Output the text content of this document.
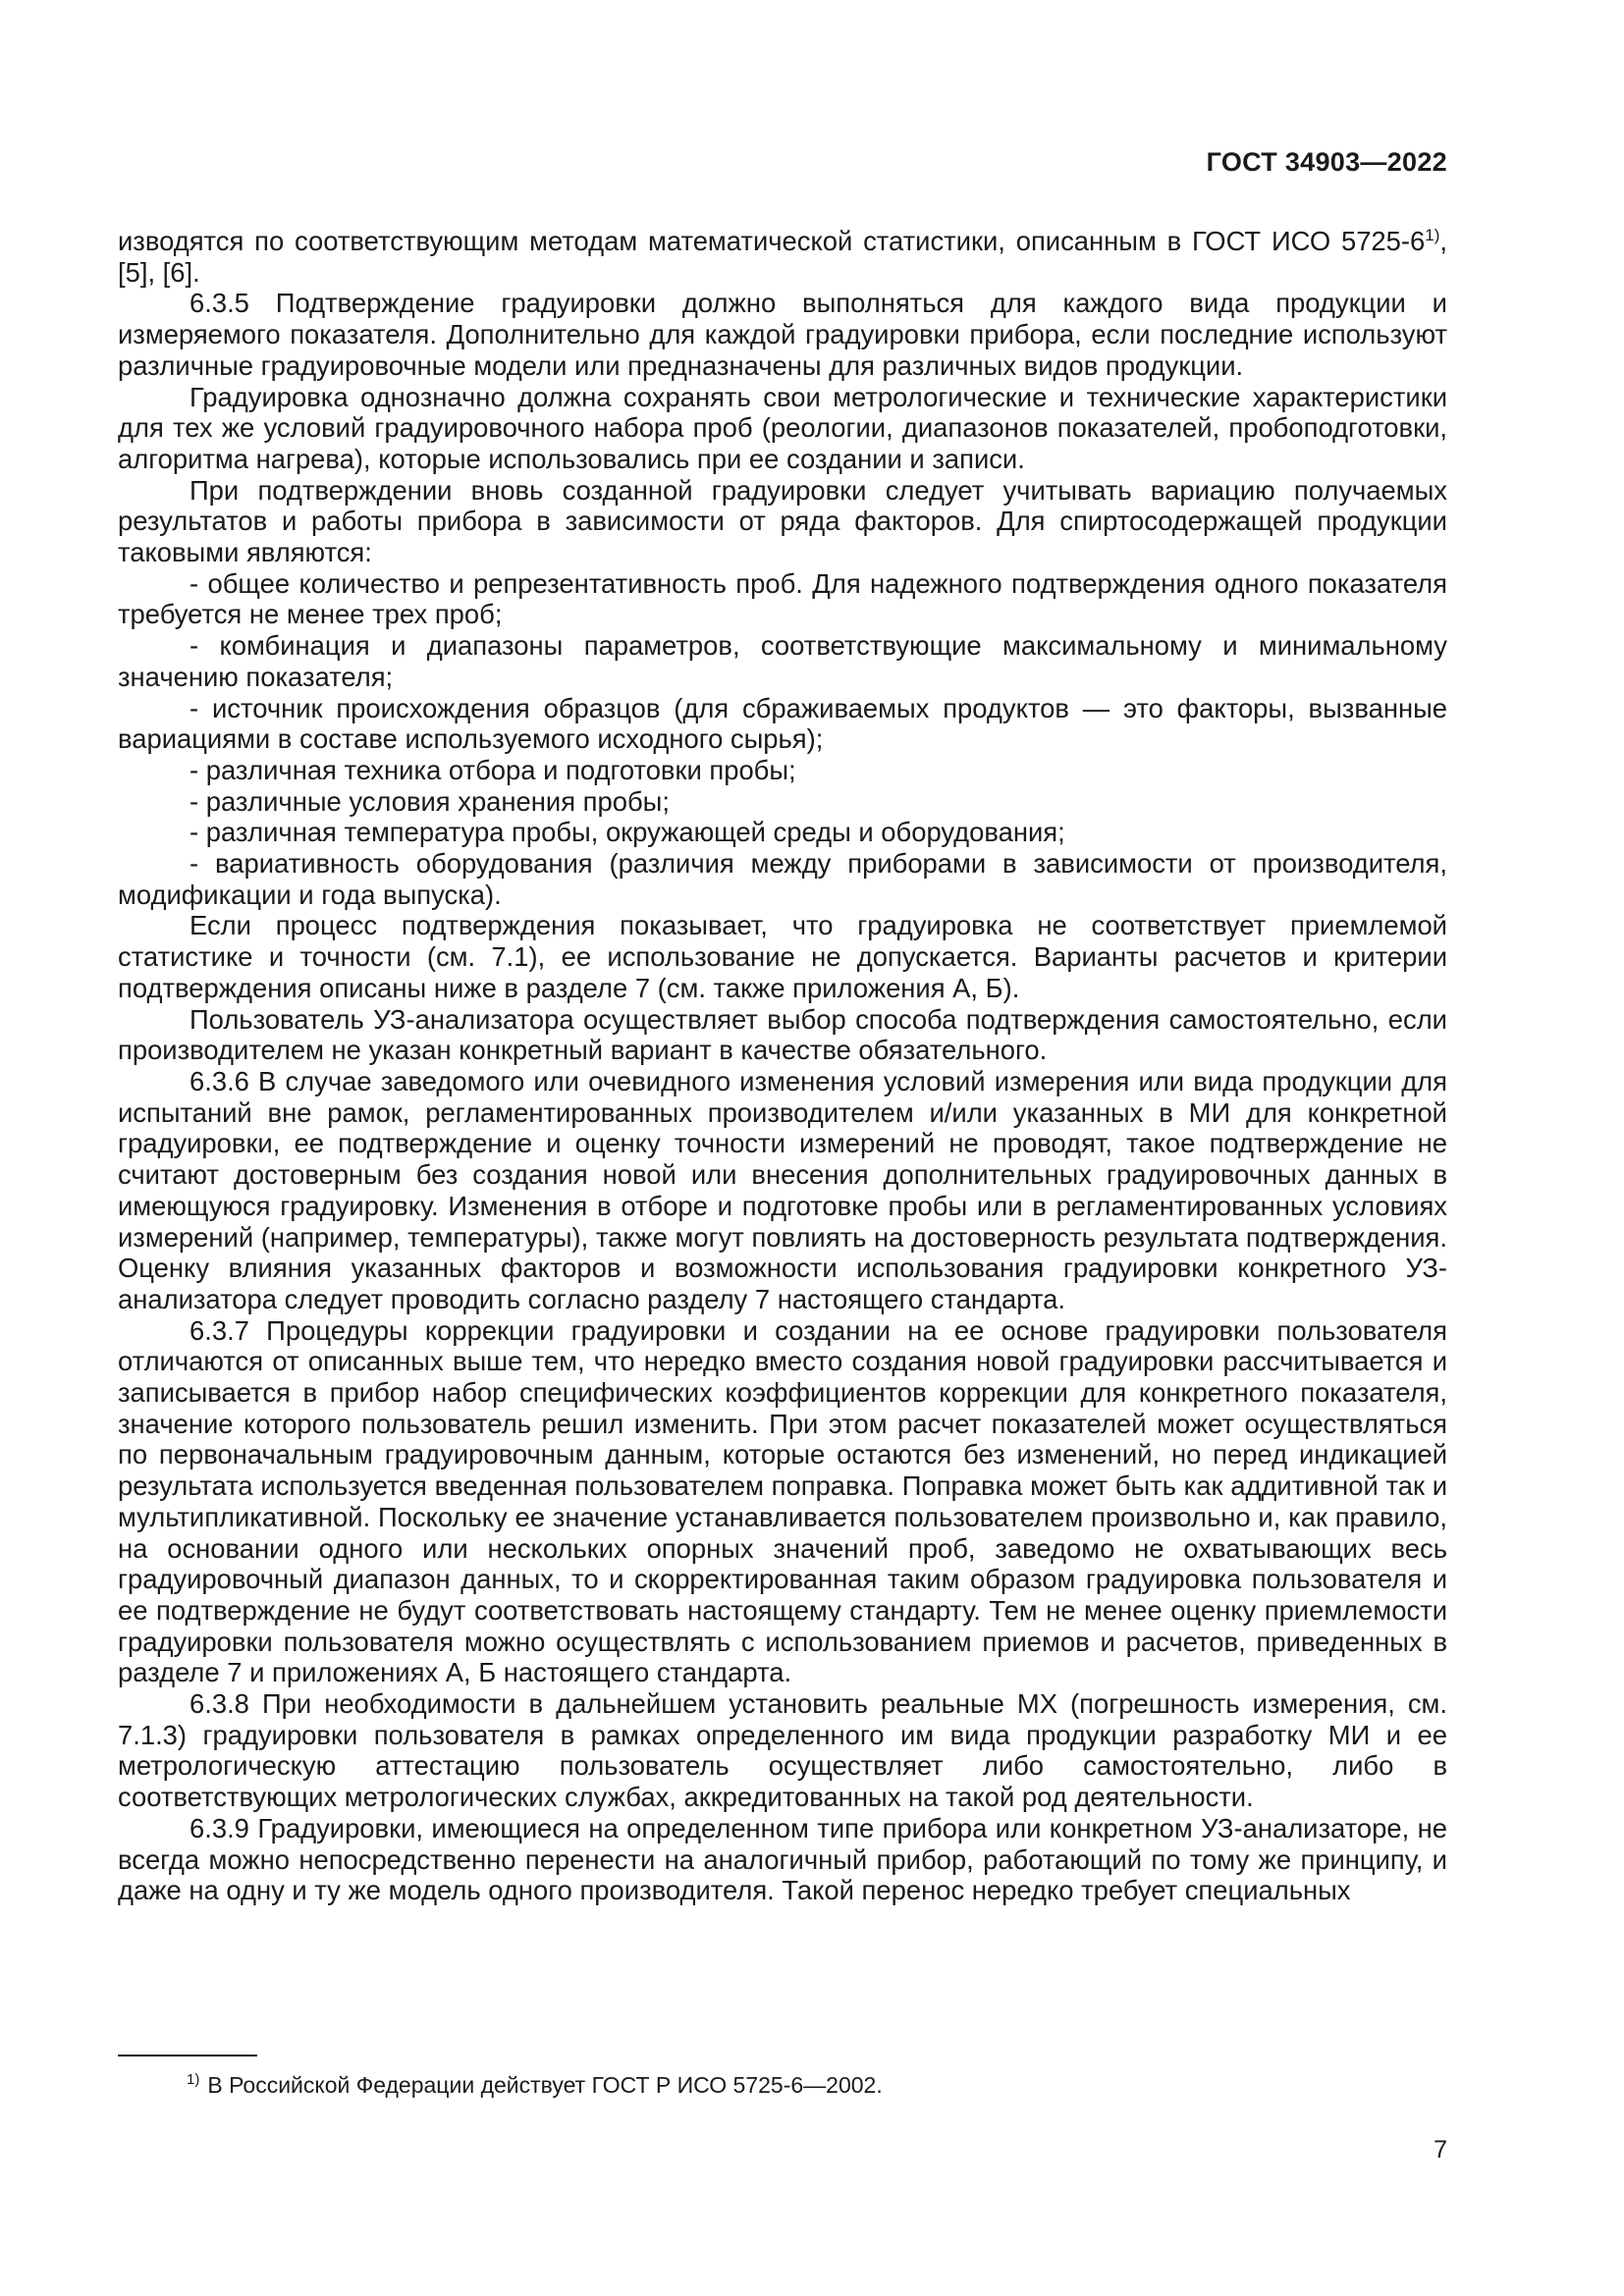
ГОСТ 34903—2022

изводятся по соответствующим методам математической статистики, описанным в ГОСТ ИСО 5725-6$^{1)}$, [5], [6].

6.3.5 Подтверждение градуировки должно выполняться для каждого вида продукции и измеряемого показателя. Дополнительно для каждой градуировки прибора, если последние используют различные градуировочные модели или предназначены для различных видов продукции.

Градуировка однозначно должна сохранять свои метрологические и технические характеристики для тех же условий градуировочного набора проб (реологии, диапазонов показателей, пробоподготовки, алгоритма нагрева), которые использовались при ее создании и записи.

При подтверждении вновь созданной градуировки следует учитывать вариацию получаемых результатов и работы прибора в зависимости от ряда факторов. Для спиртосодержащей продукции таковыми являются:

- общее количество и репрезентативность проб. Для надежного подтверждения одного показателя требуется не менее трех проб;

- комбинация и диапазоны параметров, соответствующие максимальному и минимальному значению показателя;

- источник происхождения образцов (для сбраживаемых продуктов — это факторы, вызванные вариациями в составе используемого исходного сырья);

- различная техника отбора и подготовки пробы;

- различные условия хранения пробы;

- различная температура пробы, окружающей среды и оборудования;

- вариативность оборудования (различия между приборами в зависимости от производителя, модификации и года выпуска).

Если процесс подтверждения показывает, что градуировка не соответствует приемлемой статистике и точности (см. 7.1), ее использование не допускается. Варианты расчетов и критерии подтверждения описаны ниже в разделе 7 (см. также приложения А, Б).

Пользователь УЗ-анализатора осуществляет выбор способа подтверждения самостоятельно, если производителем не указан конкретный вариант в качестве обязательного.

6.3.6 В случае заведомого или очевидного изменения условий измерения или вида продукции для испытаний вне рамок, регламентированных производителем и/или указанных в МИ для конкретной градуировки, ее подтверждение и оценку точности измерений не проводят, такое подтверждение не считают достоверным без создания новой или внесения дополнительных градуировочных данных в имеющуюся градуировку. Изменения в отборе и подготовке пробы или в регламентированных условиях измерений (например, температуры), также могут повлиять на достоверность результата подтверждения. Оценку влияния указанных факторов и возможности использования градуировки конкретного УЗ-анализатора следует проводить согласно разделу 7 настоящего стандарта.

6.3.7 Процедуры коррекции градуировки и создании на ее основе градуировки пользователя отличаются от описанных выше тем, что нередко вместо создания новой градуировки рассчитывается и записывается в прибор набор специфических коэффициентов коррекции для конкретного показателя, значение которого пользователь решил изменить. При этом расчет показателей может осуществляться по первоначальным градуировочным данным, которые остаются без изменений, но перед индикацией результата используется введенная пользователем поправка. Поправка может быть как аддитивной так и мультипликативной. Поскольку ее значение устанавливается пользователем произвольно и, как правило, на основании одного или нескольких опорных значений проб, заведомо не охватывающих весь градуировочный диапазон данных, то и скорректированная таким образом градуировка пользователя и ее подтверждение не будут соответствовать настоящему стандарту. Тем не менее оценку приемлемости градуировки пользователя можно осуществлять с использованием приемов и расчетов, приведенных в разделе 7 и приложениях А, Б настоящего стандарта.

6.3.8 При необходимости в дальнейшем установить реальные МХ (погрешность измерения, см. 7.1.3) градуировки пользователя в рамках определенного им вида продукции разработку МИ и ее метрологическую аттестацию пользователь осуществляет либо самостоятельно, либо в соответствующих метрологических службах, аккредитованных на такой род деятельности.

6.3.9 Градуировки, имеющиеся на определенном типе прибора или конкретном УЗ-анализаторе, не всегда можно непосредственно перенести на аналогичный прибор, работающий по тому же принципу, и даже на одну и ту же модель одного производителя. Такой перенос нередко требует специальных

$^{1)}$ В Российской Федерации действует ГОСТ Р ИСО 5725-6—2002.
7
